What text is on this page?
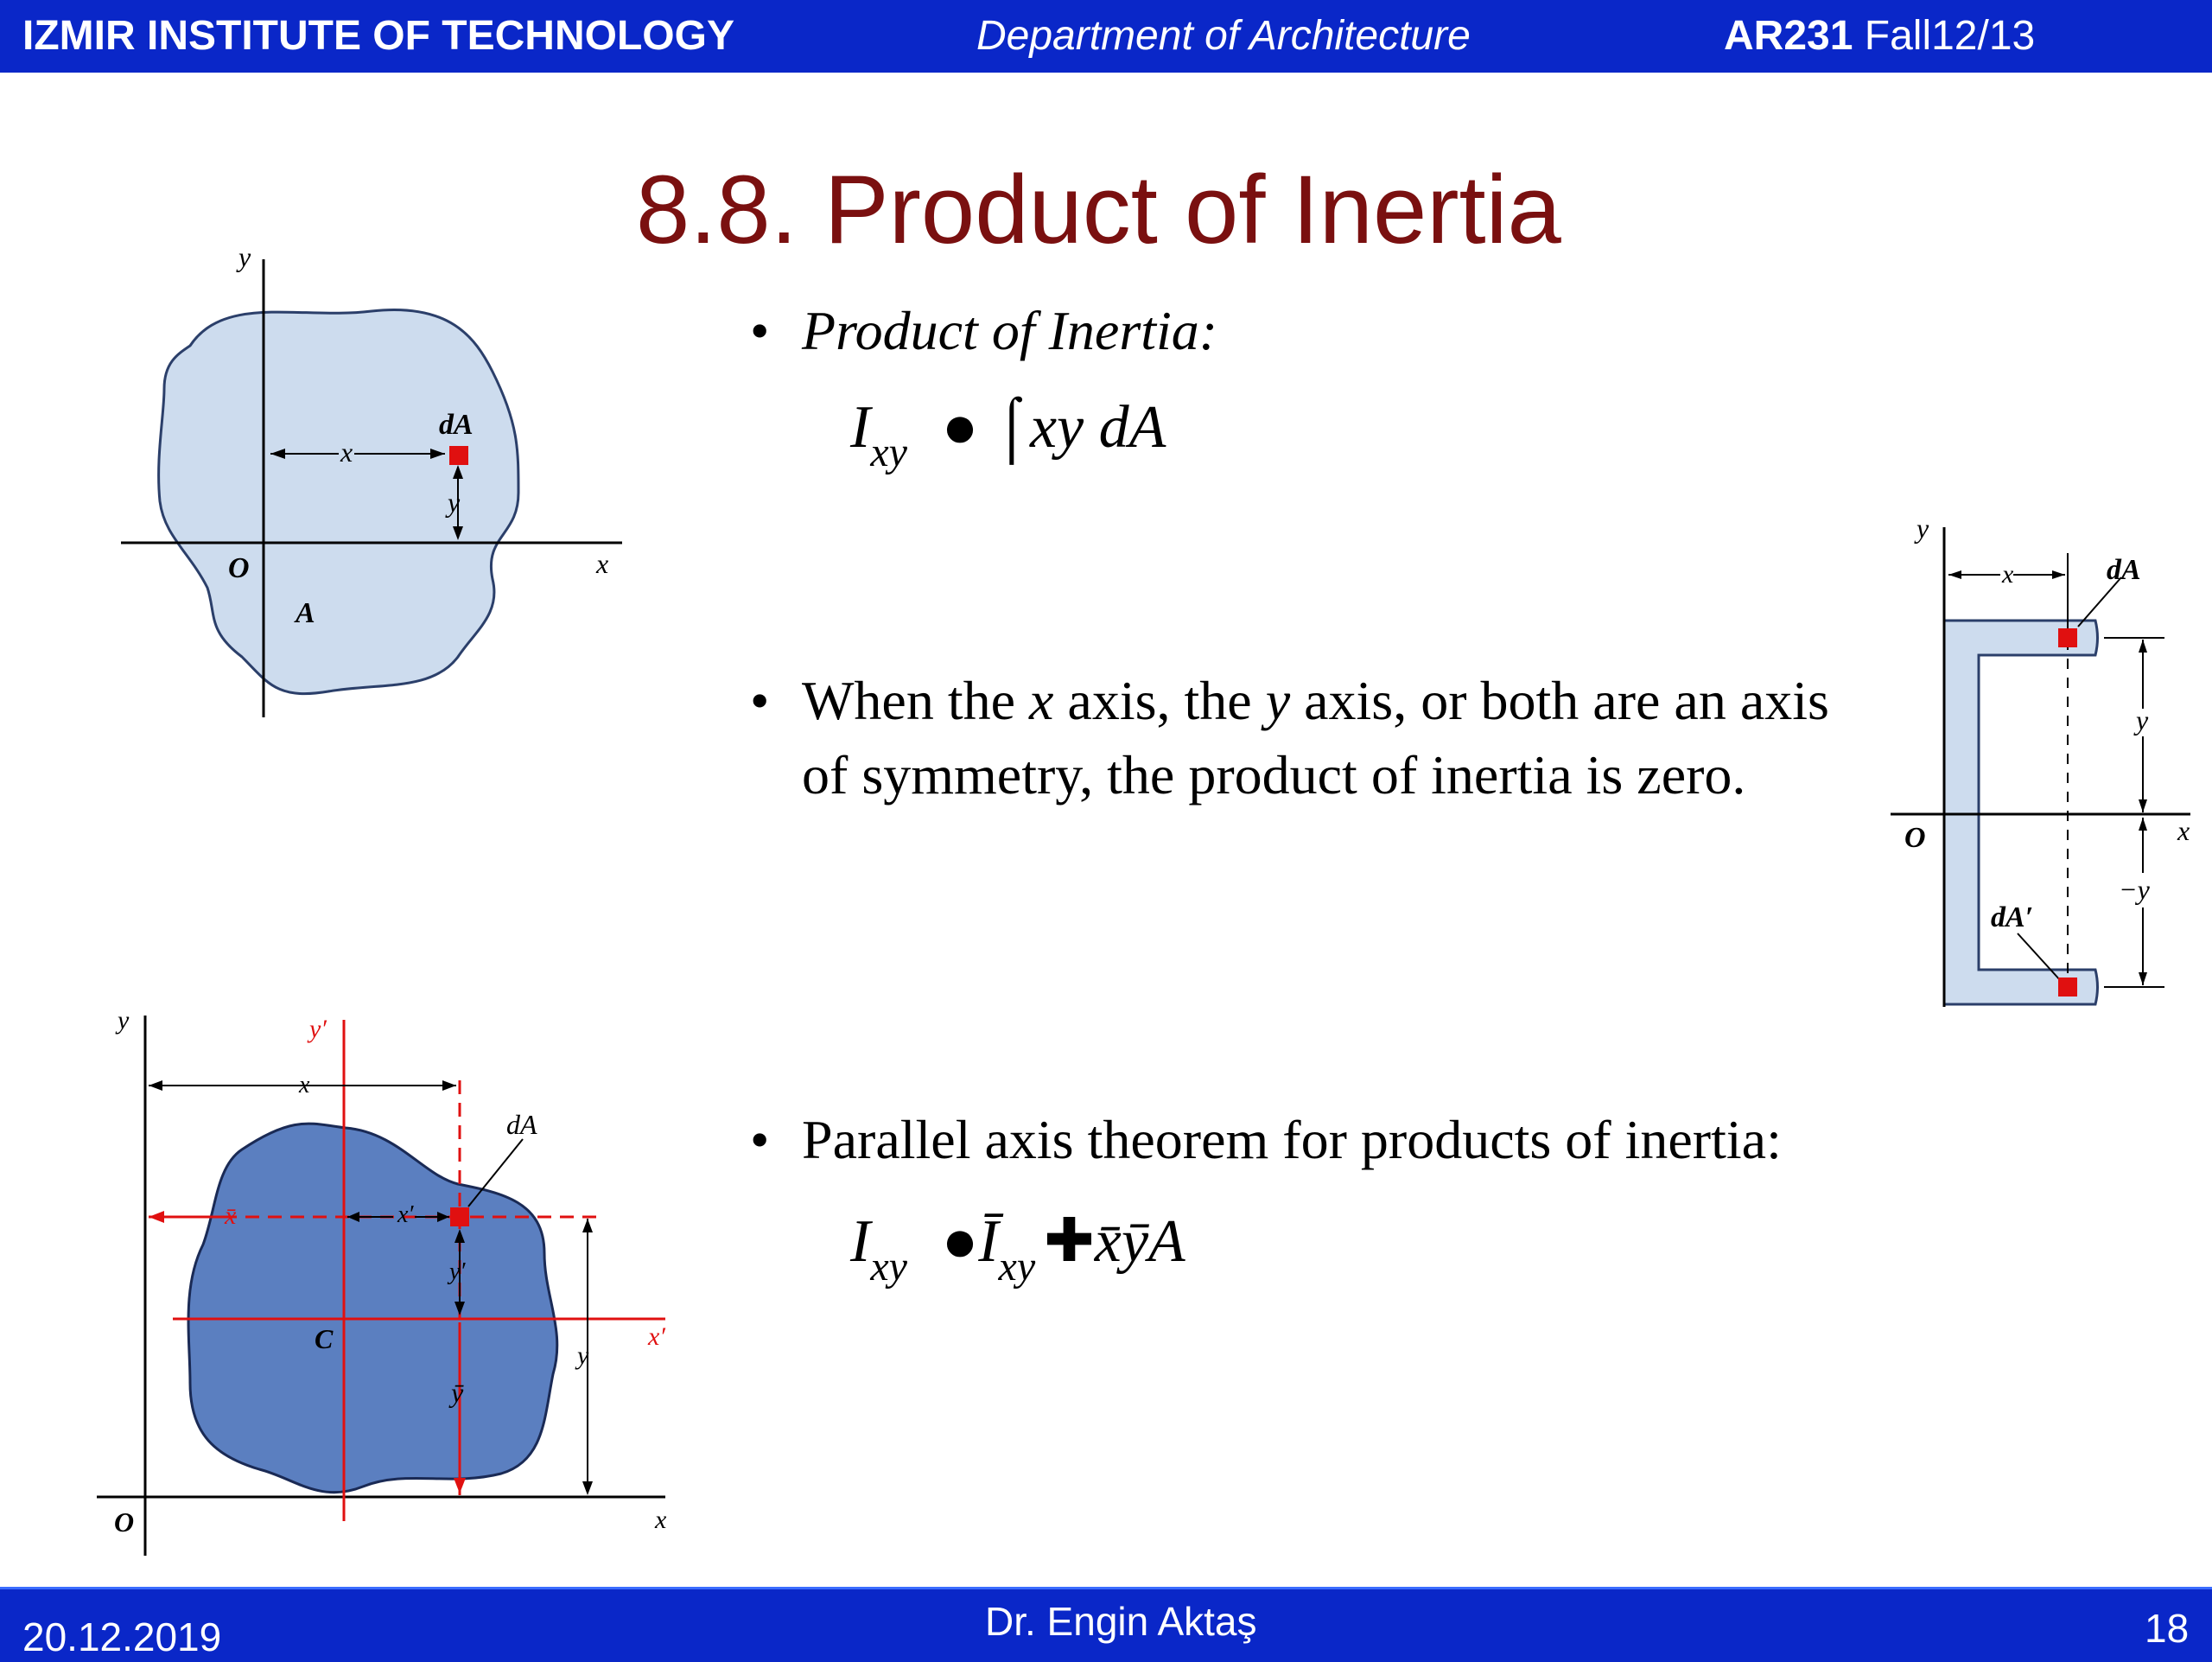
IZMIR INSTITUTE OF TECHNOLOGY	Department of Architecture	AR231 Fall12/13
8.8. Product of Inertia
• Product of Inertia:
$I_{xy}$ ● ⌠xy dA
• When the x axis, the y axis, or both are an axis of symmetry, the product of inertia is zero.
• Parallel axis theorem for products of inertia:
$I_{xy}$ $●Ī_{xy}$ ✚x̄ȳA
y
x
O
A
dA
x
y
y
x
O
x
y
−y
dA
dA′
y	y′
x
x′
O
C
dA
x
x̄	x′
y′
y
ȳ
20.12.2019	Dr. Engin Aktaş	18
